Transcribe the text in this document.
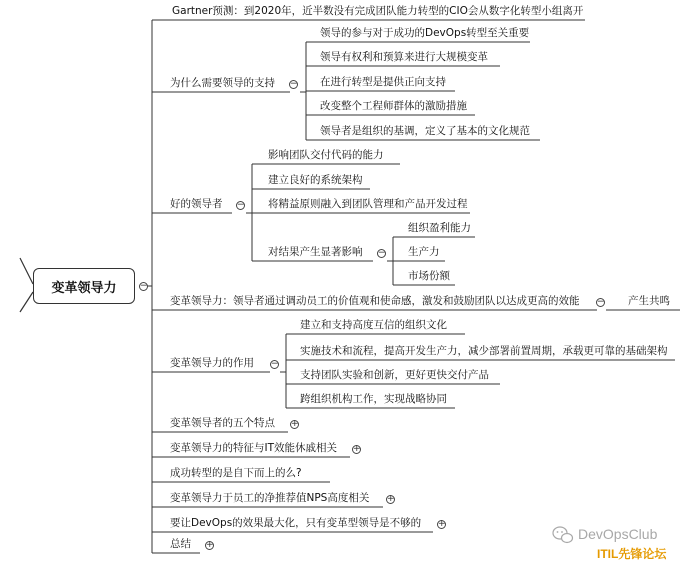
变革领导力	−
Gartner预测：到2020年，近半数没有完成团队能力转型的CIO会从数字化转型小组离开
为什么需要领导的支持 −
好的领导者 −
变革领导力：领导者通过调动员工的价值观和使命感，激发和鼓励团队以达成更高的效能 −
变革领导力的作用 −
变革领导者的五个特点 +
变革领导力的特征与IT效能休戚相关 +
成功转型的是自下而上的么?
变革领导力于员工的净推荐值NPS高度相关 +
要让DevOps的效果最大化，只有变革型领导是不够的 +
总结 +
领导的参与对于成功的DevOps转型至关重要
领导有权利和预算来进行大规模变革
在进行转型是提供正向支持
改变整个工程师群体的激励措施
领导者是组织的基调，定义了基本的文化规范
影响团队交付代码的能力
建立良好的系统架构
将精益原则融入到团队管理和产品开发过程
对结果产生显著影响 −
组织盈利能力
生产力
市场份额
产生共鸣
建立和支持高度互信的组织文化
实施技术和流程，提高开发生产力，减少部署前置周期，承载更可靠的基础架构
支持团队实验和创新，更好更快交付产品
跨组织机构工作，实现战略协同
DevOpsClub
ITIL先锋论坛
